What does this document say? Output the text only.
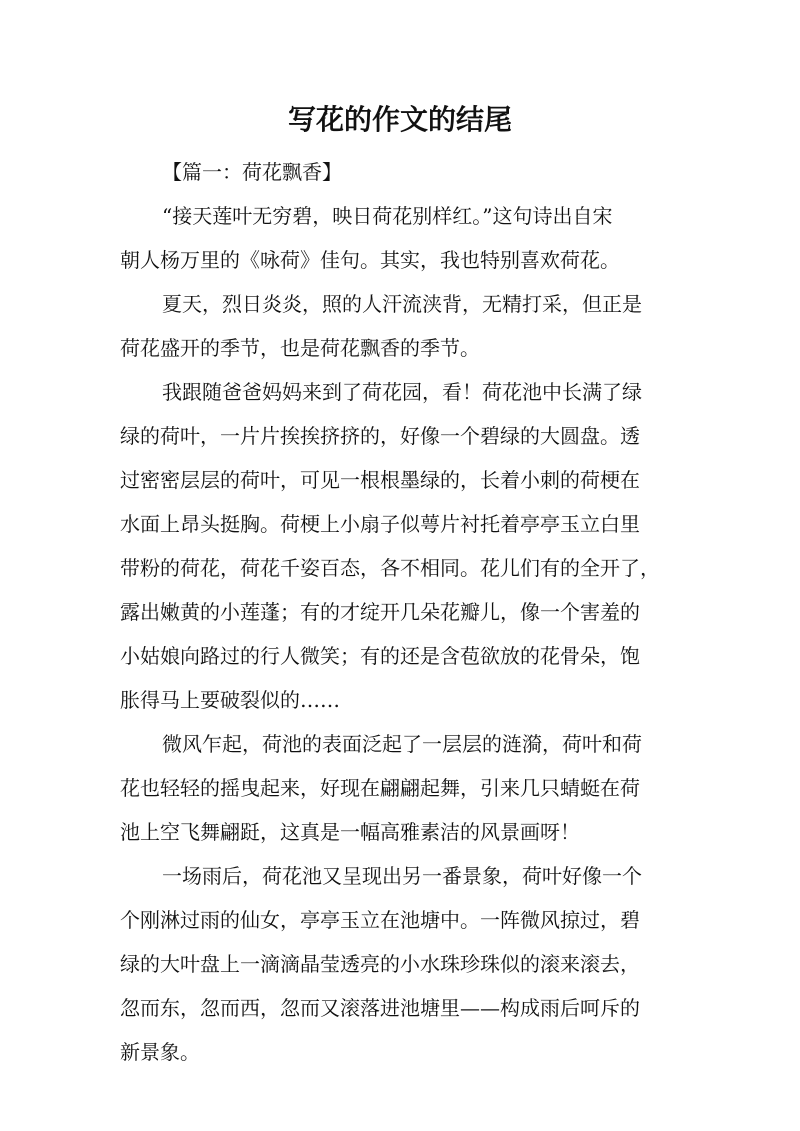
写花的作文的结尾
【篇一：荷花飘香】
“接天莲叶无穷碧，映日荷花别样红。”这句诗出自宋
朝人杨万里的《咏荷》佳句。其实，我也特别喜欢荷花。
夏天，烈日炎炎，照的人汗流浃背，无精打采，但正是
荷花盛开的季节，也是荷花飘香的季节。
我跟随爸爸妈妈来到了荷花园，看！荷花池中长满了绿
绿的荷叶，一片片挨挨挤挤的，好像一个碧绿的大圆盘。透
过密密层层的荷叶，可见一根根墨绿的，长着小刺的荷梗在
水面上昂头挺胸。荷梗上小扇子似萼片衬托着亭亭玉立白里
带粉的荷花，荷花千姿百态，各不相同。花儿们有的全开了，
露出嫩黄的小莲蓬；有的才绽开几朵花瓣儿，像一个害羞的
小姑娘向路过的行人微笑；有的还是含苞欲放的花骨朵，饱
胀得马上要破裂似的……
微风乍起，荷池的表面泛起了一层层的涟漪，荷叶和荷
花也轻轻的摇曳起来，好现在翩翩起舞，引来几只蜻蜓在荷
池上空飞舞翩跹，这真是一幅高雅素洁的风景画呀！
一场雨后，荷花池又呈现出另一番景象，荷叶好像一个
个刚淋过雨的仙女，亭亭玉立在池塘中。一阵微风掠过，碧
绿的大叶盘上一滴滴晶莹透亮的小水珠珍珠似的滚来滚去，
忽而东，忽而西，忽而又滚落进池塘里——构成雨后呵斥的
新景象。
